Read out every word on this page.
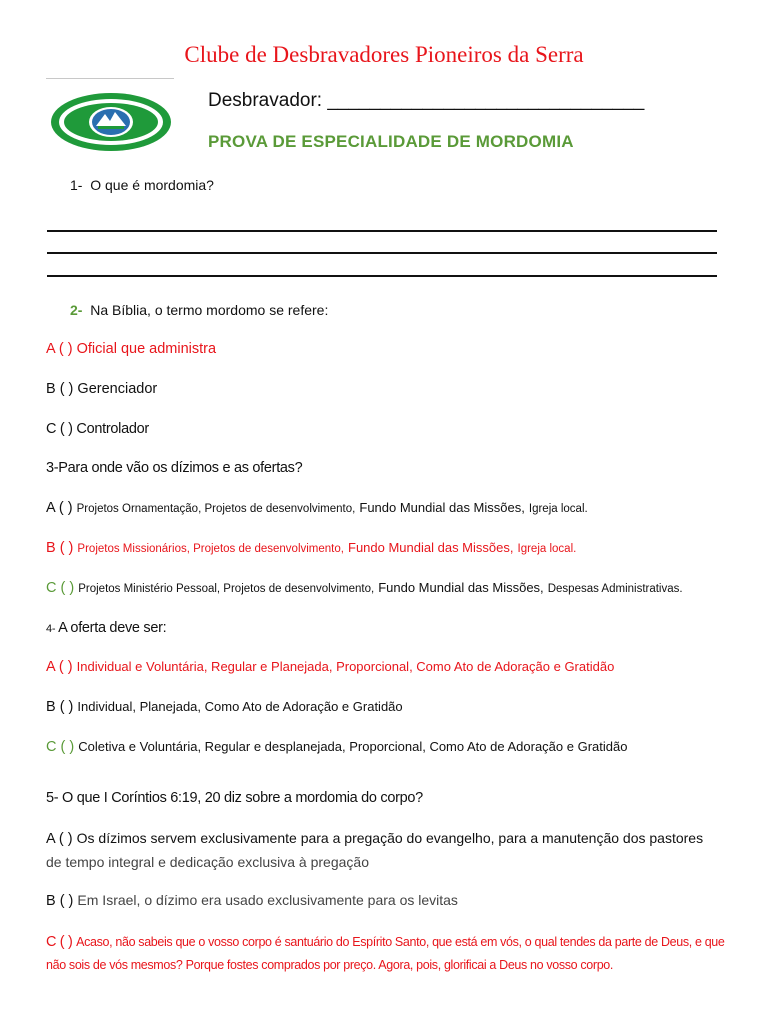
Clube de Desbravadores Pioneiros da Serra
Desbravador: ______________________________
PROVA DE ESPECIALIDADE DE MORDOMIA
1- O que é mordomia?
2- Na Bíblia, o termo mordomo se refere:
A ( ) Oficial que administra
B ( ) Gerenciador
C ( ) Controlador
3-Para onde vão os dízimos e as ofertas?
A ( ) Projetos Ornamentação, Projetos de desenvolvimento, Fundo Mundial das Missões, Igreja local.
B ( ) Projetos Missionários, Projetos de desenvolvimento, Fundo Mundial das Missões, Igreja local.
C ( ) Projetos Ministério Pessoal, Projetos de desenvolvimento, Fundo Mundial das Missões, Despesas Administrativas.
4- A oferta deve ser:
A ( ) Individual e Voluntária, Regular e Planejada, Proporcional, Como Ato de Adoração e Gratidão
B ( ) Individual, Planejada, Como Ato de Adoração e Gratidão
C ( ) Coletiva e Voluntária, Regular e desplanejada, Proporcional, Como Ato de Adoração e Gratidão
5- O que I Coríntios 6:19, 20 diz sobre a mordomia do corpo?
A ( ) Os dízimos servem exclusivamente para a pregação do evangelho, para a manutenção dos pastores
de tempo integral e dedicação exclusiva à pregação
B ( ) Em Israel, o dízimo era usado exclusivamente para os levitas
C ( ) Acaso, não sabeis que o vosso corpo é santuário do Espírito Santo, que está em vós, o qual tendes da parte de Deus, e que não sois de vós mesmos? Porque fostes comprados por preço. Agora, pois, glorificai a Deus no vosso corpo.
